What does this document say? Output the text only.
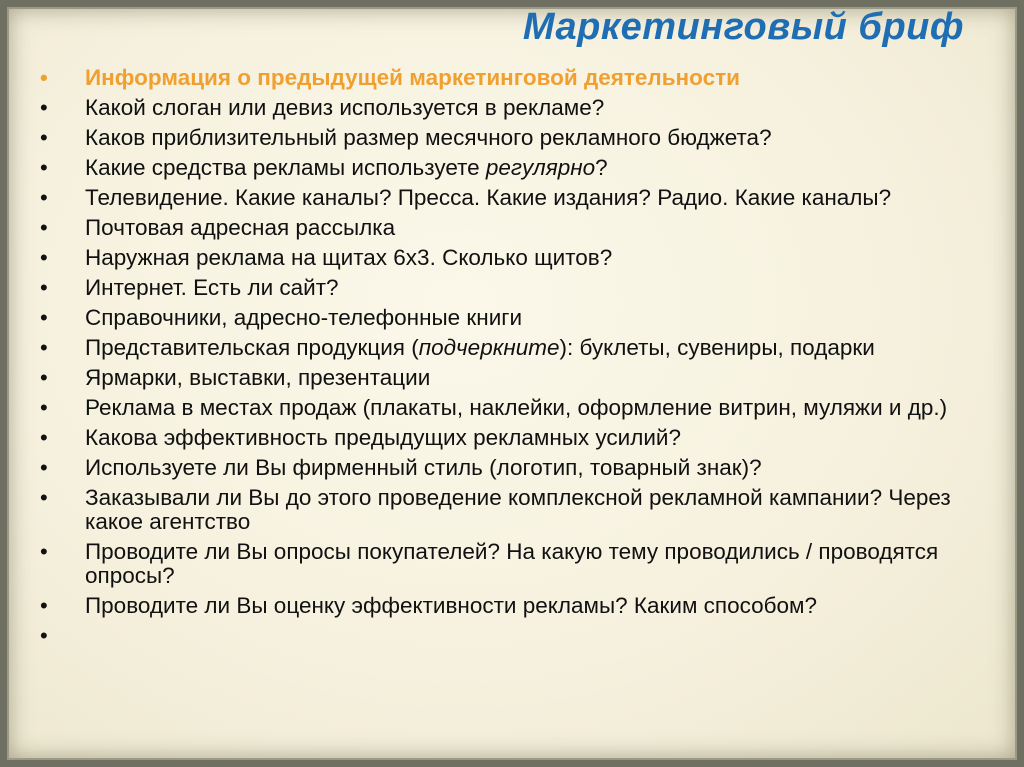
Маркетинговый бриф
• Информация о предыдущей маркетинговой деятельности
• Какой слоган или девиз используется в рекламе?
• Каков приблизительный размер месячного рекламного бюджета?
• Какие средства рекламы используете регулярно?
• Телевидение. Какие каналы? Пресса. Какие издания? Радио. Какие каналы?
• Почтовая адресная рассылка
• Наружная реклама на щитах 6х3. Сколько щитов?
• Интернет. Есть ли сайт?
• Справочники, адресно-телефонные книги
• Представительская продукция (подчеркните): буклеты, сувениры, подарки
• Ярмарки, выставки, презентации
• Реклама в местах продаж (плакаты, наклейки, оформление витрин, муляжи и др.)
• Какова эффективность предыдущих рекламных усилий?
• Используете ли Вы фирменный стиль (логотип, товарный знак)?
• Заказывали ли Вы до этого проведение комплексной рекламной кампании? Через какое агентство
• Проводите ли Вы опросы покупателей? На какую тему проводились / проводятся опросы?
• Проводите ли Вы оценку эффективности рекламы? Каким способом?
•
